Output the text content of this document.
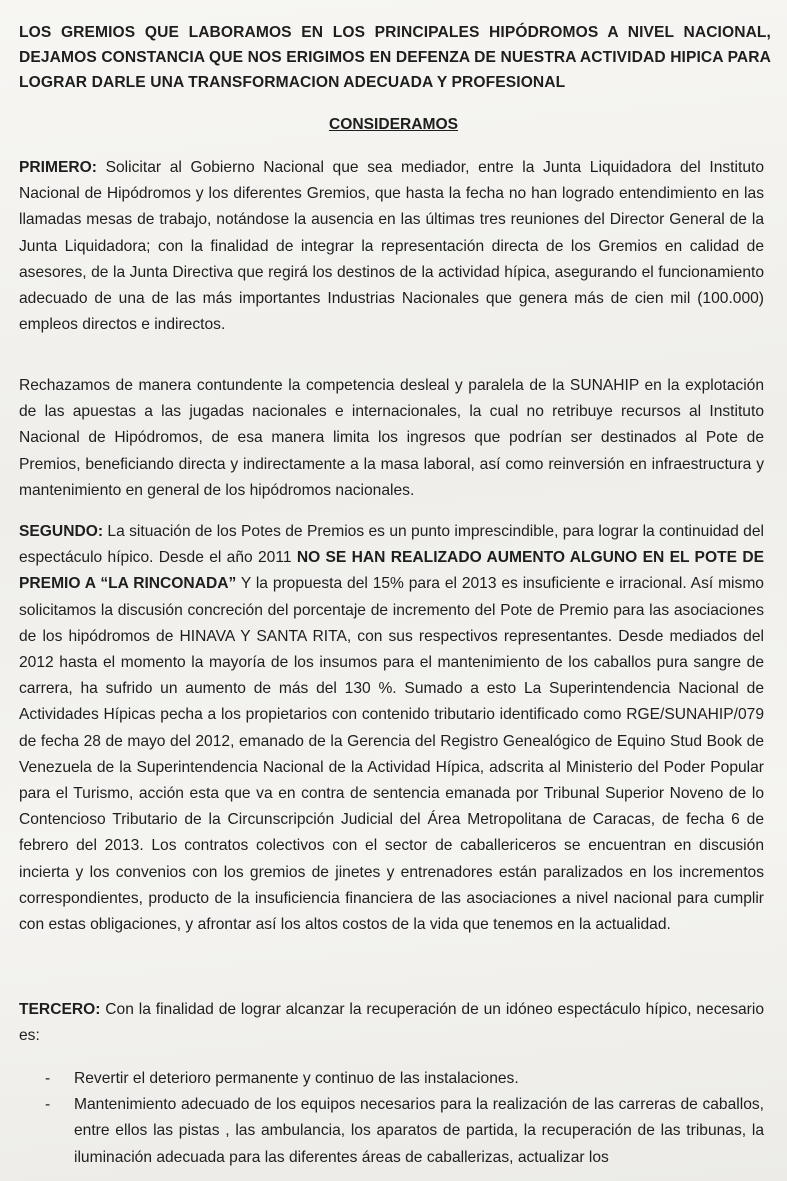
LOS GREMIOS QUE LABORAMOS EN LOS PRINCIPALES HIPÓDROMOS A NIVEL NACIONAL, DEJAMOS CONSTANCIA QUE NOS ERIGIMOS EN DEFENZA DE NUESTRA ACTIVIDAD HIPICA PARA LOGRAR DARLE UNA TRANSFORMACION ADECUADA Y PROFESIONAL
CONSIDERAMOS
PRIMERO: Solicitar al Gobierno Nacional que sea mediador, entre la Junta Liquidadora del Instituto Nacional de Hipódromos y los diferentes Gremios, que hasta la fecha no han logrado entendimiento en las llamadas mesas de trabajo, notándose la ausencia en las últimas tres reuniones del Director General de la Junta Liquidadora; con la finalidad de integrar la representación directa de los Gremios en calidad de asesores, de la Junta Directiva que regirá los destinos de la actividad hípica, asegurando el funcionamiento adecuado de una de las más importantes Industrias Nacionales que genera más de cien mil (100.000) empleos directos e indirectos.
Rechazamos de manera contundente la competencia desleal y paralela de la SUNAHIP en la explotación de las apuestas a las jugadas nacionales e internacionales, la cual no retribuye recursos al Instituto Nacional de Hipódromos, de esa manera limita los ingresos que podrían ser destinados al Pote de Premios, beneficiando directa y indirectamente a la masa laboral, así como reinversión en infraestructura y mantenimiento en general de los hipódromos nacionales.
SEGUNDO: La situación de los Potes de Premios es un punto imprescindible, para lograr la continuidad del espectáculo hípico. Desde el año 2011 NO SE HAN REALIZADO AUMENTO ALGUNO EN EL POTE DE PREMIO A “LA RINCONADA” Y la propuesta del 15% para el 2013 es insuficiente e irracional. Así mismo solicitamos la discusión concreción del porcentaje de incremento del Pote de Premio para las asociaciones de los hipódromos de HINAVA Y SANTA RITA, con sus respectivos representantes. Desde mediados del 2012 hasta el momento la mayoría de los insumos para el mantenimiento de los caballos pura sangre de carrera, ha sufrido un aumento de más del 130 %. Sumado a esto La Superintendencia Nacional de Actividades Hípicas pecha a los propietarios con contenido tributario identificado como RGE/SUNAHIP/079 de fecha 28 de mayo del 2012, emanado de la Gerencia del Registro Genealógico de Equino Stud Book de Venezuela de la Superintendencia Nacional de la Actividad Hípica, adscrita al Ministerio del Poder Popular para el Turismo, acción esta que va en contra de sentencia emanada por Tribunal Superior Noveno de lo Contencioso Tributario de la Circunscripción Judicial del Área Metropolitana de Caracas, de fecha 6 de febrero del 2013. Los contratos colectivos con el sector de caballericeros se encuentran en discusión incierta y los convenios con los gremios de jinetes y entrenadores están paralizados en los incrementos correspondientes, producto de la insuficiencia financiera de las asociaciones a nivel nacional para cumplir con estas obligaciones, y afrontar así los altos costos de la vida que tenemos en la actualidad.
TERCERO: Con la finalidad de lograr alcanzar la recuperación de un idóneo espectáculo hípico, necesario es:
- Revertir el deterioro permanente y continuo de las instalaciones.
- Mantenimiento adecuado de los equipos necesarios para la realización de las carreras de caballos, entre ellos las pistas , las ambulancia, los aparatos de partida, la recuperación de las tribunas, la iluminación adecuada para las diferentes áreas de caballerizas, actualizar los
